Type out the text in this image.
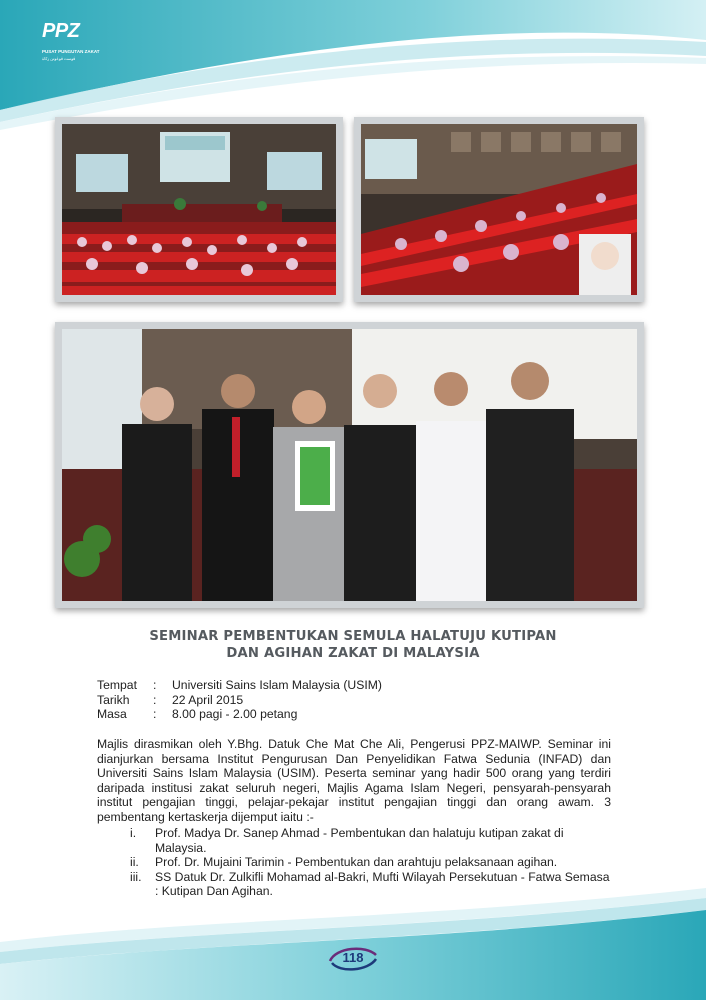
PPZ
PUSAT PUNGUTAN ZAKAT
ڤوست ڤوڠوتن زكاة
SEMINAR PEMBENTUKAN SEMULA HALATUJU KUTIPAN
DAN AGIHAN ZAKAT DI MALAYSIA
Tempat	:	Universiti Sains Islam Malaysia (USIM)
Tarikh	:	22 April 2015
Masa	:	8.00 pagi - 2.00 petang
Majlis dirasmikan oleh Y.Bhg. Datuk Che Mat Che Ali, Pengerusi PPZ-MAIWP. Seminar ini dianjurkan bersama Institut Pengurusan Dan Penyelidikan Fatwa Sedunia (INFAD) dan Universiti Sains Islam Malaysia (USIM). Peserta seminar yang hadir 500 orang yang terdiri daripada institusi zakat seluruh negeri, Majlis Agama Islam Negeri, pensyarah-pensyarah institut pengajian tinggi, pelajar-pekajar institut pengajian tinggi dan orang awam. 3 pembentang kertaskerja dijemput iaitu :-
i.	Prof. Madya Dr. Sanep Ahmad - Pembentukan dan halatuju kutipan zakat di Malaysia.
ii.	Prof. Dr. Mujaini Tarimin - Pembentukan dan arahtuju pelaksanaan agihan.
iii.	SS Datuk Dr. Zulkifli Mohamad al-Bakri, Mufti Wilayah Persekutuan - Fatwa Semasa : Kutipan Dan Agihan.
118
